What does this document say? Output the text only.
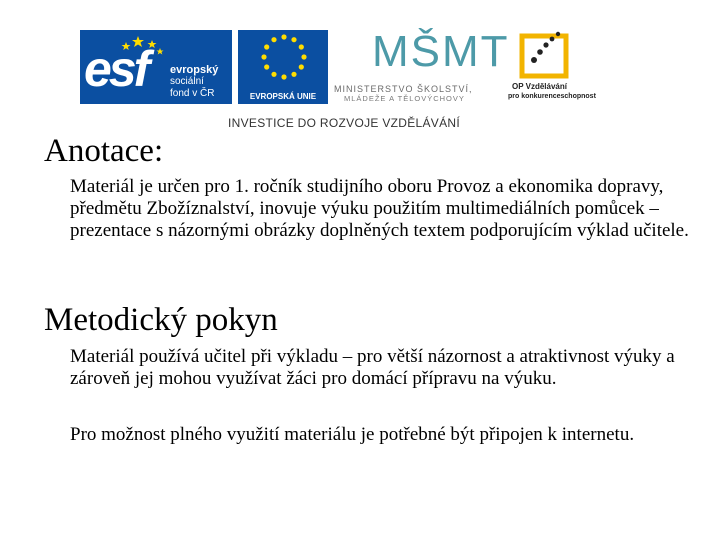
esf evropský
sociální
fond v ČR	EVROPSKÁ UNIE
MŠMT
MINISTERSTVO ŠKOLSTVÍ,
MLÁDEŽE A TĚLOVÝCHOVY
OP Vzdělávání
pro konkurenceschopnost
INVESTICE DO ROZVOJE VZDĚLÁVÁNÍ
Anotace:
Materiál je určen pro 1. ročník studijního oboru Provoz a ekonomika dopravy, předmětu Zbožíznalství, inovuje výuku použitím multimediálních pomůcek – prezentace s názornými obrázky doplněných textem podporujícím výklad učitele.
Metodický pokyn
Materiál používá učitel při výkladu – pro větší názornost a atraktivnost výuky a zároveň jej mohou využívat žáci pro domácí přípravu na výuku.
Pro možnost plného využití materiálu je potřebné být připojen k internetu.
